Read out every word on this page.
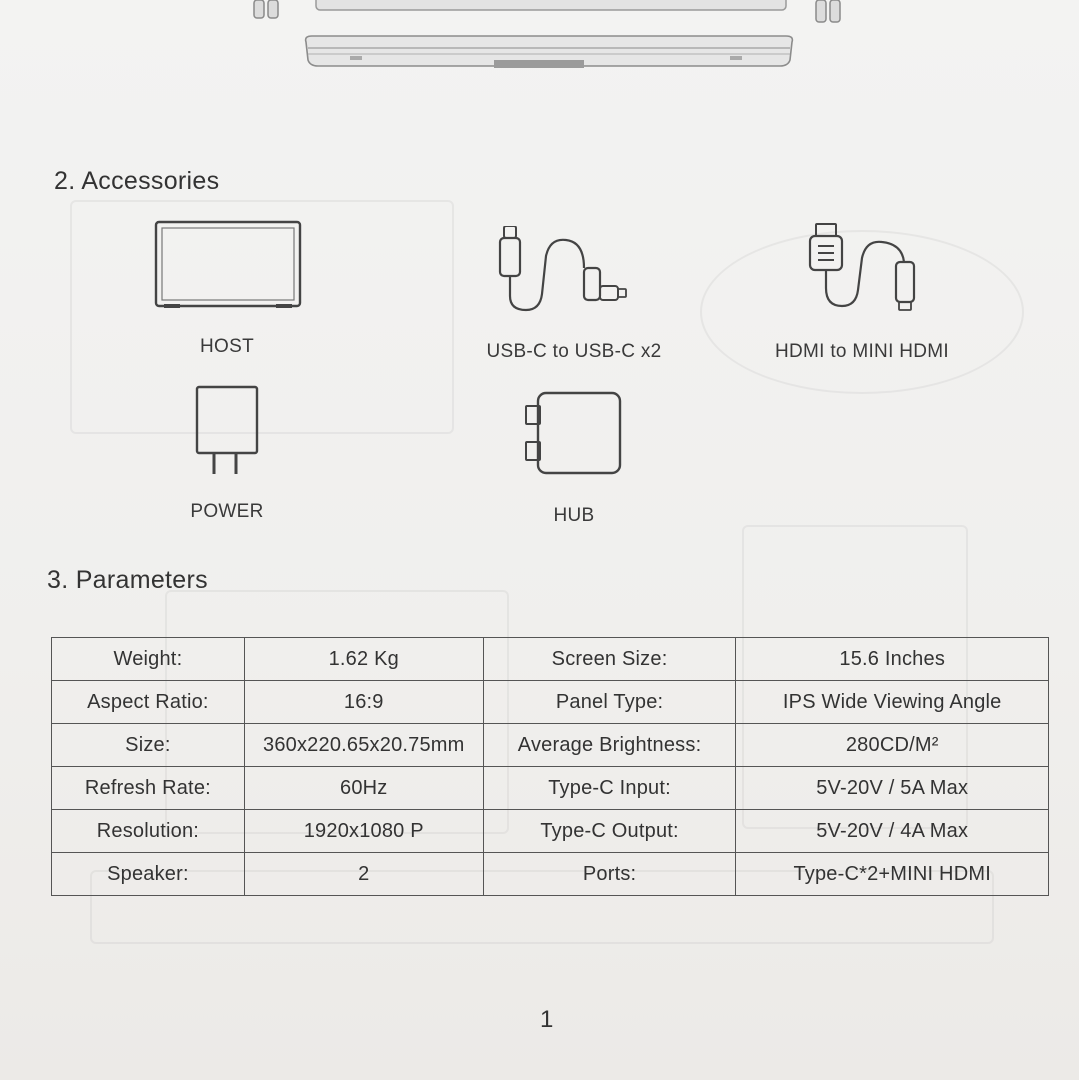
2. Accessories
HOST	USB-C to USB-C x2	HDMI to MINI HDMI
POWER	HUB
3. Parameters
Weight:	1.62 Kg	Screen Size:	15.6 Inches
Aspect Ratio:	16:9	Panel Type:	IPS Wide Viewing Angle
Size:	360x220.65x20.75mm	Average Brightness:	280CD/M²
Refresh Rate:	60Hz	Type-C Input:	5V-20V / 5A Max
Resolution:	1920x1080 P	Type-C Output:	5V-20V / 4A Max
Speaker:	2	Ports:	Type-C*2+MINI HDMI
1
